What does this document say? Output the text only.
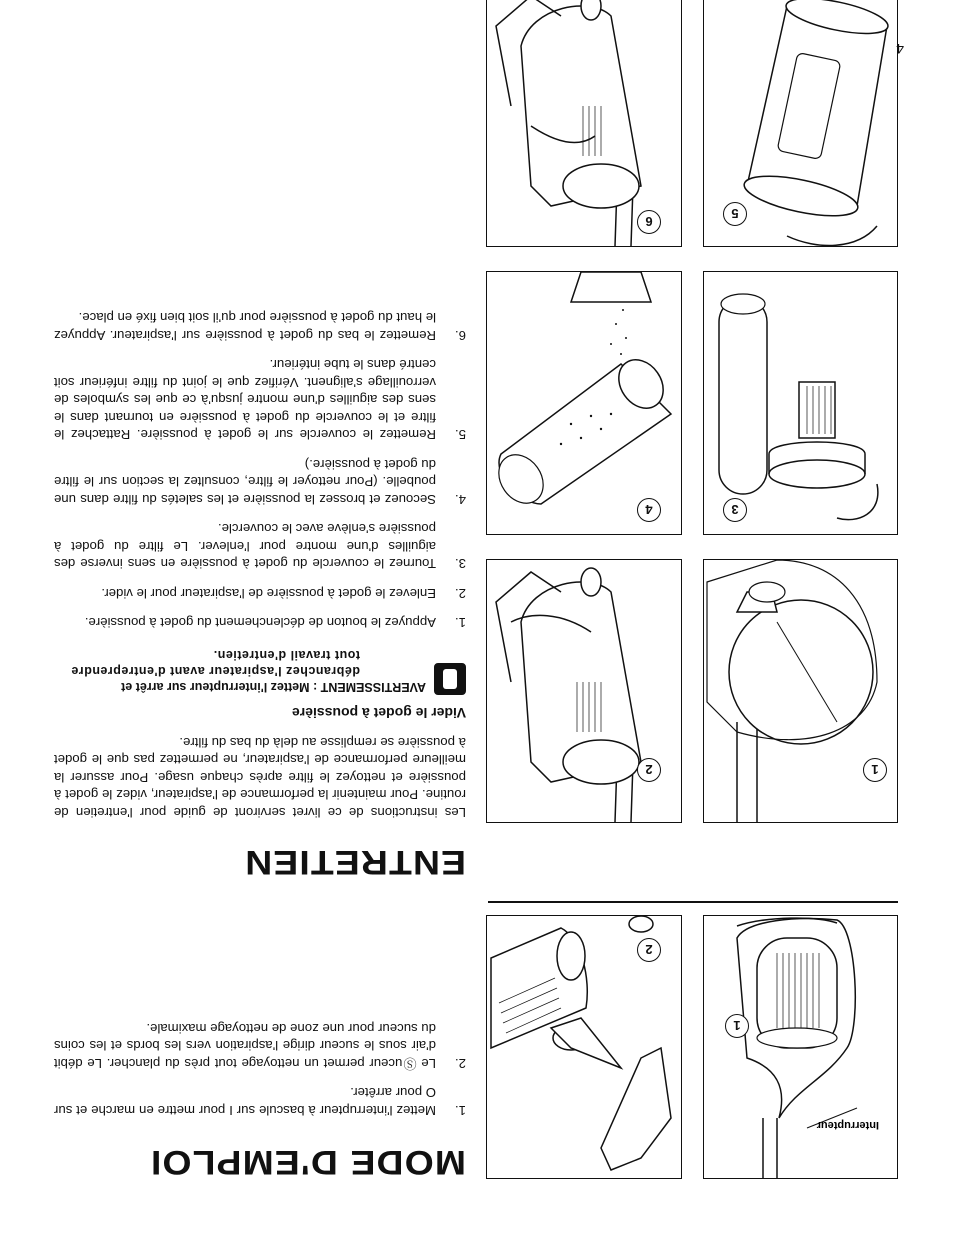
Interrupteur
1
2
1
2
3
4
5
6
MODE D'EMPLOI
1.
Mettez l'interrupteur à bascule sur I pour mettre en marche et sur O pour arrêter.
2.
Le Ⓢuceur permet un nettoyage tout près du plancher. Le débit d'air sous le suceur dirige l'aspiration vers les bords et les coins du suceur pour une zone de nettoyage maximale.
ENTRETIEN

Les instructions de ce livret serviront de guide pour l'entretien de routine. Pour maintenir la performance de l'aspirateur, videz le godet à poussière et nettoyez le filtre après chaque usage. Pour assurer la meilleure performance de l'aspirateur, ne permettez pas que le godet à poussière se remplisse au delà du bas du filtre.

Vider le godet à poussière
AVERTISSEMENT : Mettez l'interrupteur sur arrêt et
débranchez l'aspirateur avant d'entreprendre tout travail d'entretien.
1.
Appuyez le bouton de déclenchement du godet à poussière.
2.
Enlevez le godet à poussière de l'aspirateur pour le vider.
3.
Tournez le couvercle du godet à poussière en sens inverse des aiguilles d'une montre pour l'enlever. Le filtre du godet à poussière s'enlève avec le couvercle.
4.
Secouez et brossez la poussière et les saletés du filtre dans une poubelle. (Pour nettoyer le filtre, consultez la section sur le filtre du godet à poussière.)
5.
Remettez le couvercle sur le godet à poussière. Rattachez le filtre et le couvercle du godet à poussière en tournant dans le sens des aiguilles d'une montre jusqu'à ce que les symboles de verrouillage s'alignent. Vérifiez que le joint du filtre inférieur soit centré dans le tube intérieur.
6.
Remettez le bas du godet à poussière sur l'aspirateur. Appuyez le haut du godet à poussière pour qu'il soit bien fixé en place.
4
